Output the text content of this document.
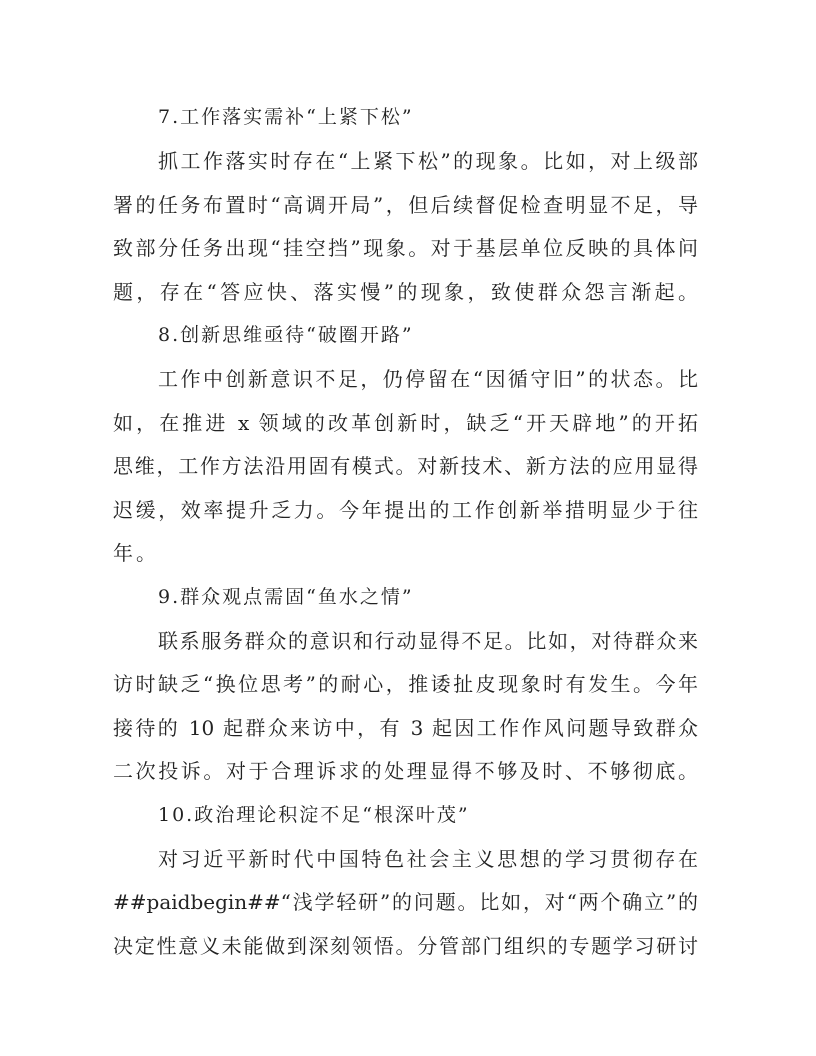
7.工作落实需补“上紧下松”

抓工作落实时存在“上紧下松”的现象。比如，对上级部
署的任务布置时“高调开局”，但后续督促检查明显不足，导
致部分任务出现“挂空挡”现象。对于基层单位反映的具体问
题，存在“答应快、落实慢”的现象，致使群众怨言渐起。

8.创新思维亟待“破圈开路”

工作中创新意识不足，仍停留在“因循守旧”的状态。比
如，在推进 x 领域的改革创新时，缺乏“开天辟地”的开拓
思维，工作方法沿用固有模式。对新技术、新方法的应用显得
迟缓，效率提升乏力。今年提出的工作创新举措明显少于往
年。

9.群众观点需固“鱼水之情”

联系服务群众的意识和行动显得不足。比如，对待群众来
访时缺乏“换位思考”的耐心，推诿扯皮现象时有发生。今年
接待的 10 起群众来访中，有 3 起因工作作风问题导致群众
二次投诉。对于合理诉求的处理显得不够及时、不够彻底。

10.政治理论积淀不足“根深叶茂”

对习近平新时代中国特色社会主义思想的学习贯彻存在
##paidbegin##“浅学轻研”的问题。比如，对“两个确立”的
决定性意义未能做到深刻领悟。分管部门组织的专题学习研讨
